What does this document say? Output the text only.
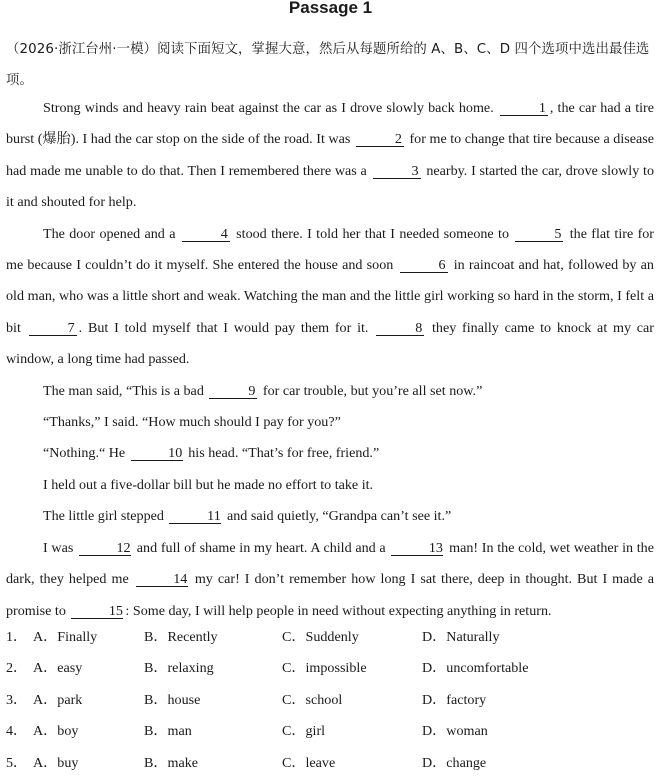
Passage 1
（2026·浙江台州·一模）阅读下面短文，掌握大意，然后从每题所给的 A、B、C、D 四个选项中选出最佳选项。

Strong winds and heavy rain beat against the car as I drove slowly back home.	1 , the car had a tire burst (爆胎). I had the car stop on the side of the road. It was	2 for me to change that tire because a disease had made me unable to do that. Then I remembered there was a	3 nearby. I started the car, drove slowly to it and shouted for help.

The door opened and a	4 stood there. I told her that I needed someone to	5 the flat tire for me because I couldn’t do it myself. She entered the house and soon	6 in raincoat and hat, followed by an old man, who was a little short and weak. Watching the man and the little girl working so hard in the storm, I felt a bit	7 . But I told myself that I would pay them for it.	8 they finally came to knock at my car window, a long time had passed.

The man said, “This is a bad	9 for car trouble, but you’re all set now.”

“Thanks,” I said. “How much should I pay for you?”

“Nothing.“ He	10 his head. “That’s for free, friend.”

I held out a five-dollar bill but he made no effort to take it.

The little girl stepped	11 and said quietly, “Grandpa can’t see it.”

I was	12 and full of shame in my heart. A child and a	13 man! In the cold, wet weather in the dark, they helped me	14 my car! I don’t remember how long I sat there, deep in thought. But I made a promise to	15 : Some day, I will help people in need without expecting anything in return.

1． A．Finally	B．Recently	C．Suddenly	D．Naturally
2． A．easy	B．relaxing	C．impossible	D．uncomfortable
3． A．park	B．house	C．school	D．factory
4． A．boy	B．man	C．girl	D．woman
5． A．buy	B．make	C．leave	D．change
